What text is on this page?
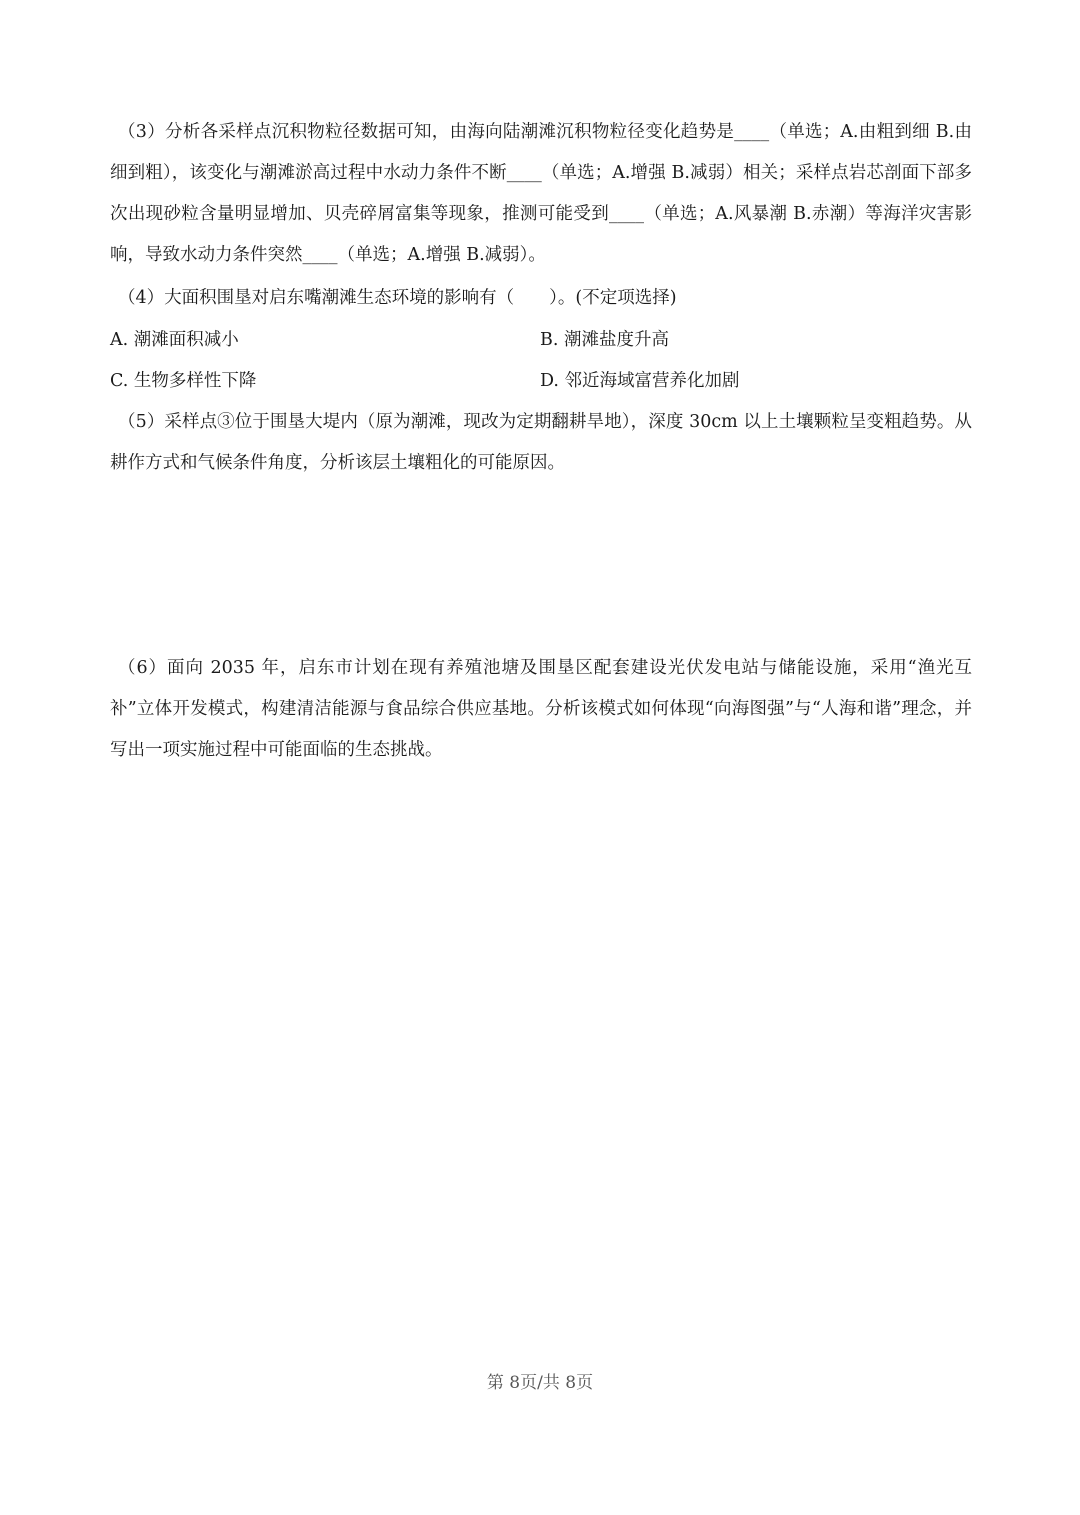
（3）分析各采样点沉积物粒径数据可知，由海向陆潮滩沉积物粒径变化趋势是____（单选；A.由粗到细 B.由细到粗），该变化与潮滩淤高过程中水动力条件不断____（单选；A.增强 B.减弱）相关；采样点岩芯剖面下部多次出现砂粒含量明显增加、贝壳碎屑富集等现象，推测可能受到____（单选；A.风暴潮 B.赤潮）等海洋灾害影响，导致水动力条件突然____（单选；A.增强 B.减弱）。

（4）大面积围垦对启东嘴潮滩生态环境的影响有（　　）。(不定项选择)

A. 潮滩面积减小	B. 潮滩盐度升高

C. 生物多样性下降	D. 邻近海域富营养化加剧

（5）采样点③位于围垦大堤内（原为潮滩，现改为定期翻耕旱地），深度 30cm 以上土壤颗粒呈变粗趋势。从耕作方式和气候条件角度，分析该层土壤粗化的可能原因。

（6）面向 2035 年，启东市计划在现有养殖池塘及围垦区配套建设光伏发电站与储能设施，采用“渔光互补”立体开发模式，构建清洁能源与食品综合供应基地。分析该模式如何体现“向海图强”与“人海和谐”理念，并写出一项实施过程中可能面临的生态挑战。

第 8页/共 8页
